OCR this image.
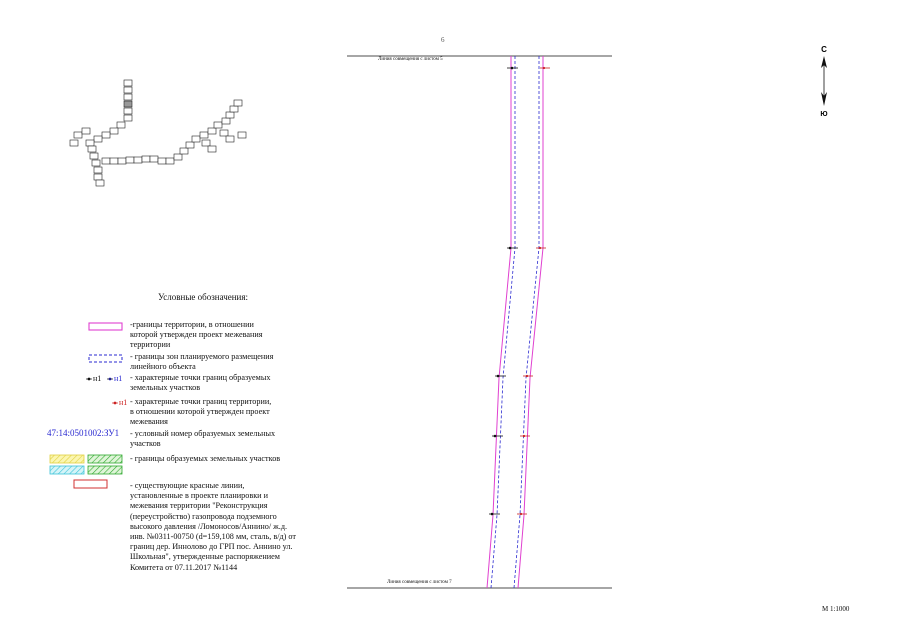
6
С
Ю
Линия совмещения с листом 5
Линия совмещения с листом 7
Условные обозначения:
-границы территории, в отношении
которой утвержден проект межевания
территории
- границы зон планируемого размещения
линейного объекта
н1 н1 - характерные точки границ образуемых
земельных участков
н1 - характерные точки границ территории,
в отношении которой утвержден проект
межевания
47:14:0501002:ЗУ1 - условный номер образуемых земельных
участков
- границы образуемых земельных участков
- существующие красные линии,
установленные в проекте планировки и
межевания территории "Реконструкция
(переустройство) газопровода подземного
высокого давления /Ломоносов/Аннино/ ж.д.
инв. №0311-00750 (d=159,108 мм, сталь, в/д) от
границ дер. Иннолово до ГРП пос. Аннино ул.
Школьная", утвержденные распоряжением
Комитета от 07.11.2017 №1144
М 1:1000
